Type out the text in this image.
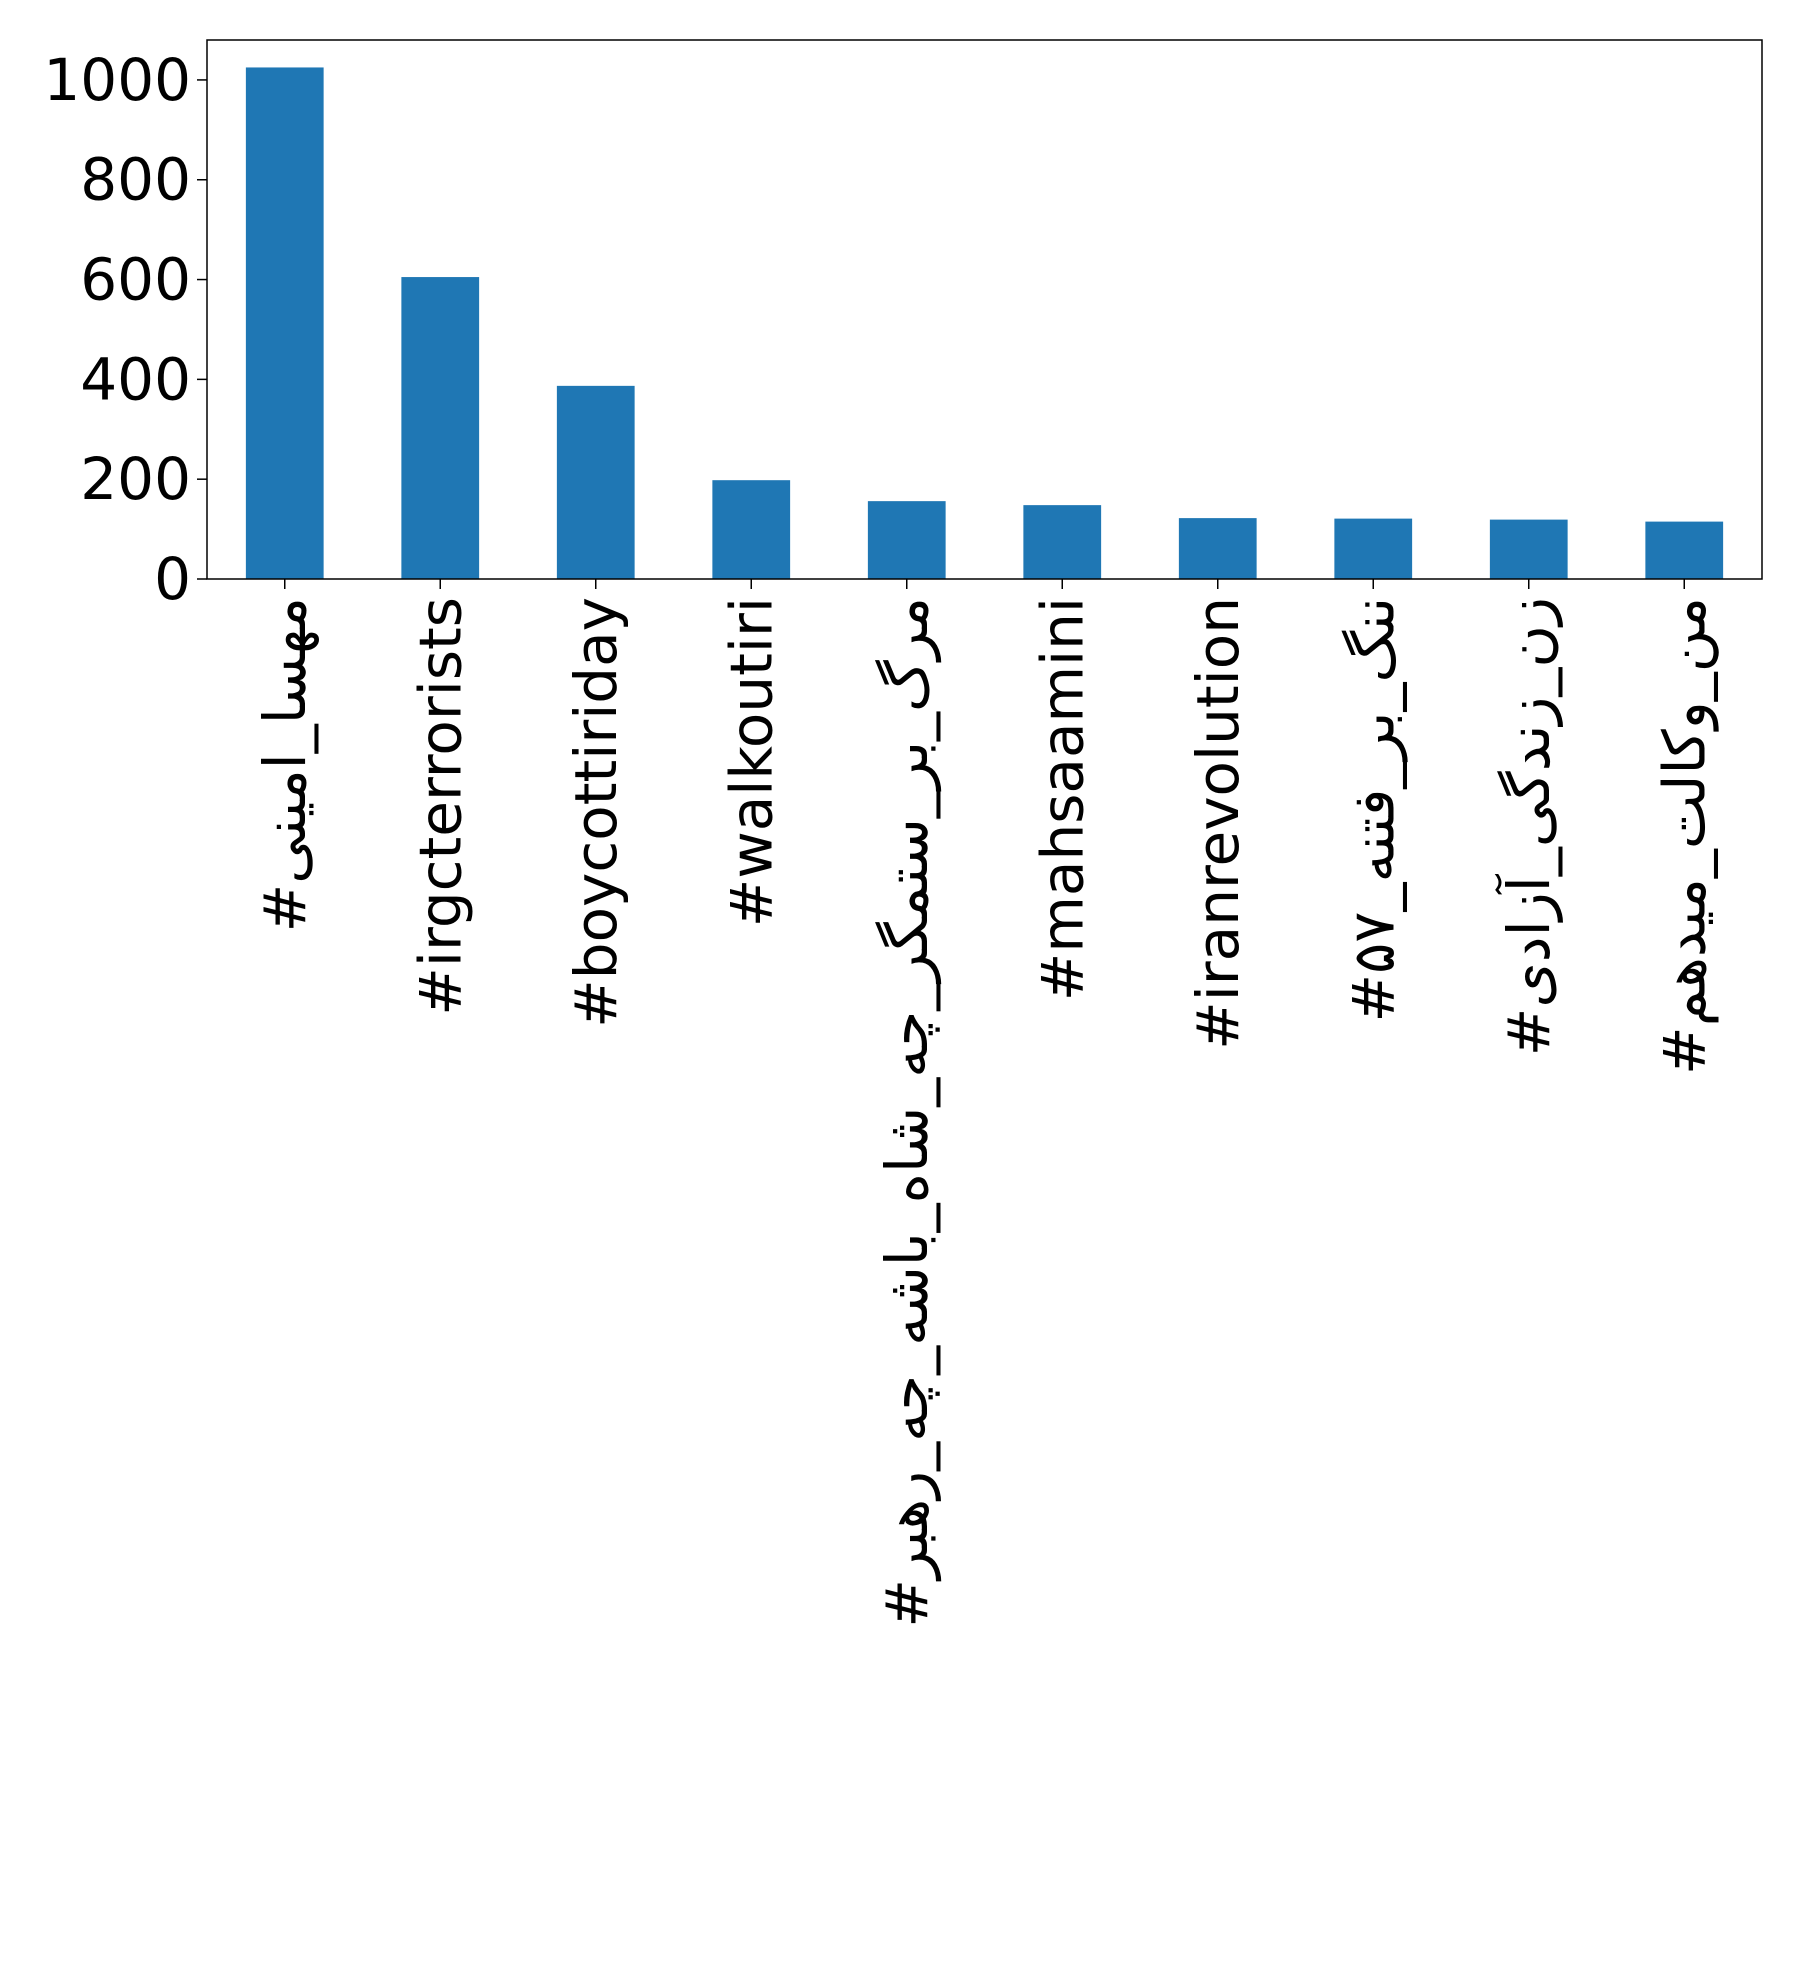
0
200
400
600
800
1000
#مهسا_امینی #irgcterrorists #boycottiriday #walkoutiri
#مرگ_بر_ستمگر_چه_شاه_باشه_چه_رهبر #mahsaamini #iranrevolution #ننگ_بر_فتنه_۵۷
#زن_زندگی_آزادی
#من_وکالت_میدهم
